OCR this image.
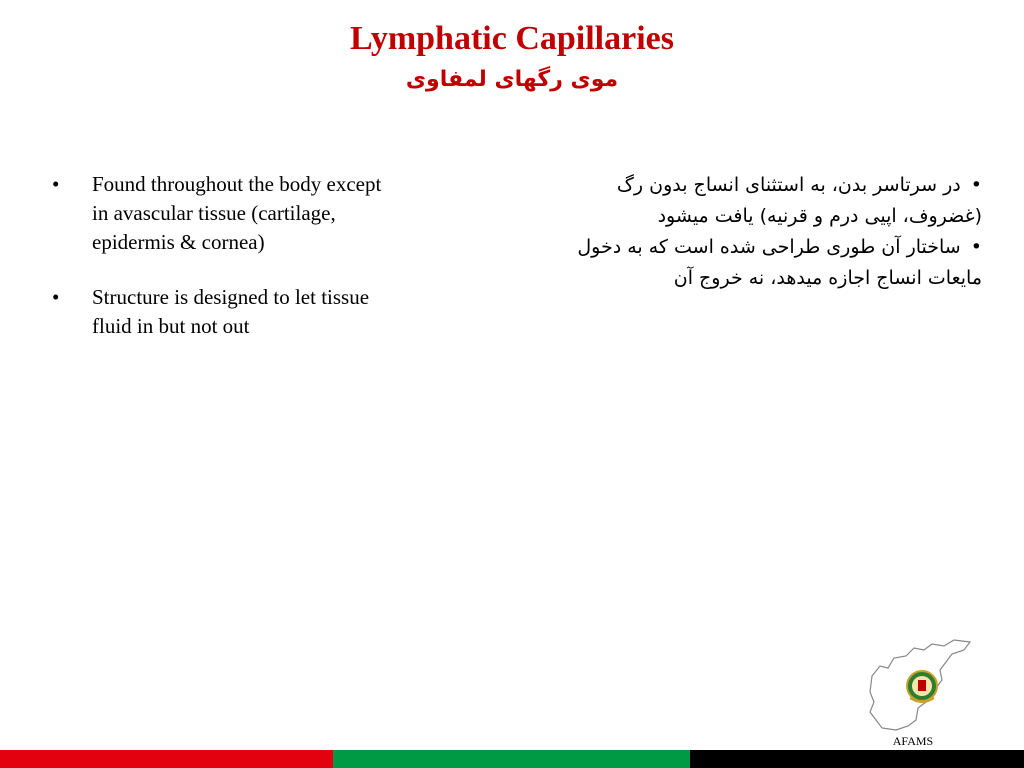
Lymphatic Capillaries

موی رگهای لمفاوی

• Found throughout the body except in avascular tissue (cartilage, epidermis & cornea)
• Structure is designed to let tissue fluid in but not out

• در سرتاسر بدن، به استثنای انساج بدون رگ (غضروف، اپیی درم و قرنیه) یافت میشود

• ساختار آن طوری طراحی شده است که به دخول مایعات انساج اجازه میدهد، نه خروج آن

AFAMS
